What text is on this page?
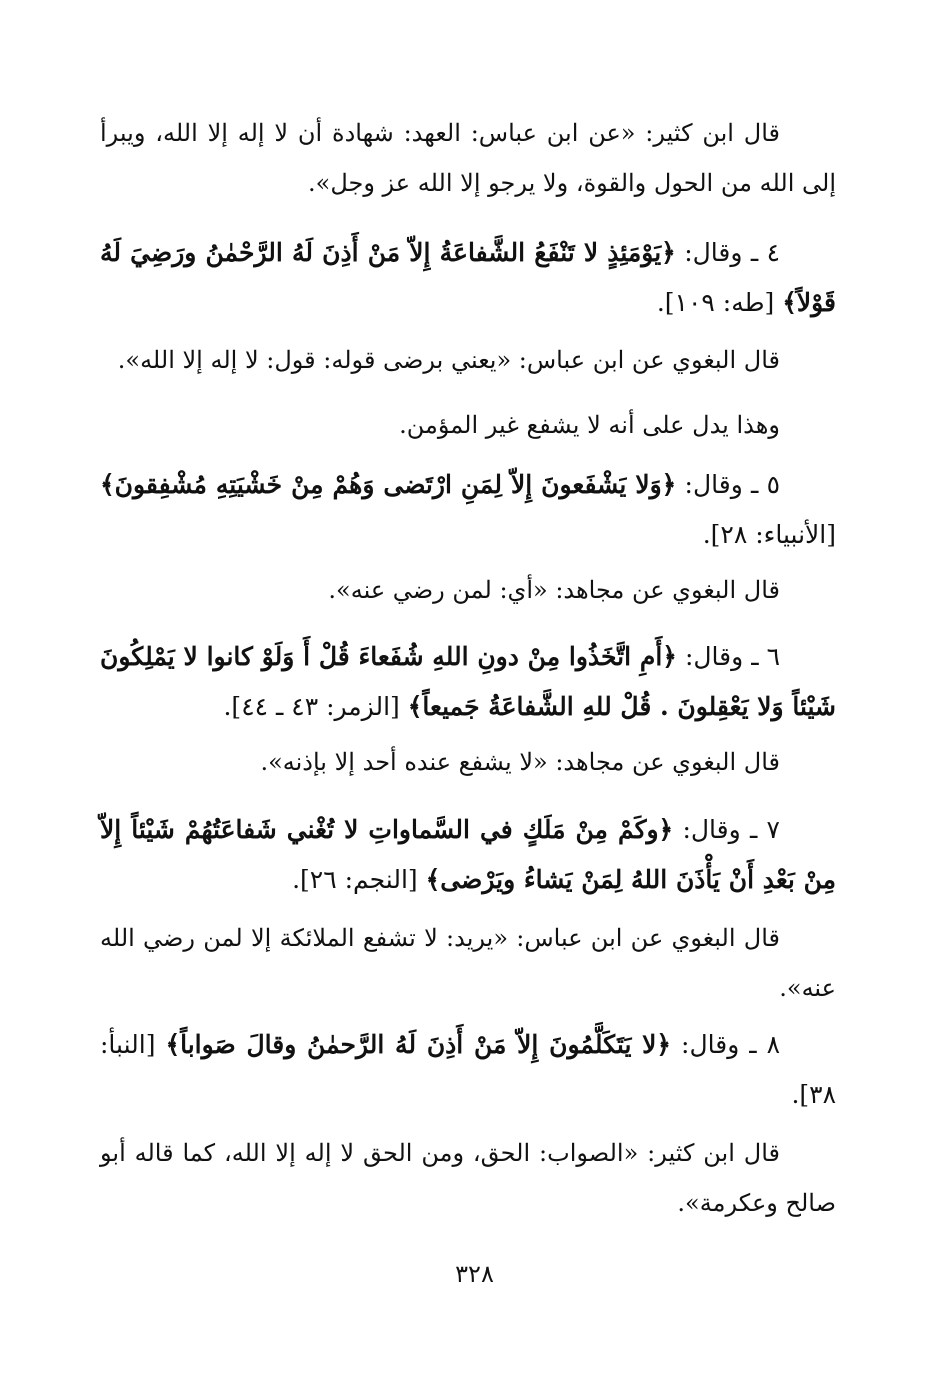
قال ابن كثير: «عن ابن عباس: العهد: شهادة أن لا إله إلا الله، ويبرأ إلى الله من الحول والقوة، ولا يرجو إلا الله عز وجل».

٤ ـ وقال: ﴿يَوْمَئِذٍ لا تَنْفَعُ الشَّفاعَةُ إِلاّ مَنْ أَذِنَ لَهُ الرَّحْمٰنُ ورَضِيَ لَهُ قَوْلاً﴾ [طه: ١٠٩].

قال البغوي عن ابن عباس: «يعني برضى قوله: قول: لا إله إلا الله».

وهذا يدل على أنه لا يشفع غير المؤمن.

٥ ـ وقال: ﴿وَلا يَشْفَعونَ إِلاّ لِمَنِ ارْتَضى وَهُمْ مِنْ خَشْيَتِهِ مُشْفِقونَ﴾ [الأنبياء: ٢٨].

قال البغوي عن مجاهد: «أي: لمن رضي عنه».

٦ ـ وقال: ﴿أَمِ اتَّخَذُوا مِنْ دونِ اللهِ شُفَعاءَ قُلْ أَ وَلَوْ كانوا لا يَمْلِكُونَ شَيْئاً وَلا يَعْقِلونَ . قُلْ للهِ الشَّفاعَةُ جَميعاً﴾ [الزمر: ٤٣ ـ ٤٤].

قال البغوي عن مجاهد: «لا يشفع عنده أحد إلا بإذنه».

٧ ـ وقال: ﴿وكَمْ مِنْ مَلَكٍ في السَّماواتِ لا تُغْني شَفاعَتُهُمْ شَيْئاً إِلاّ مِنْ بَعْدِ أَنْ يَأْذَنَ اللهُ لِمَنْ يَشاءُ ويَرْضى﴾ [النجم: ٢٦].

قال البغوي عن ابن عباس: «يريد: لا تشفع الملائكة إلا لمن رضي الله عنه».

٨ ـ وقال: ﴿لا يَتَكَلَّمُونَ إِلاّ مَنْ أَذِنَ لَهُ الرَّحمٰنُ وقالَ صَواباً﴾ [النبأ: ٣٨].

قال ابن كثير: «الصواب: الحق، ومن الحق لا إله إلا الله، كما قاله أبو صالح وعكرمة».

٣٢٨
